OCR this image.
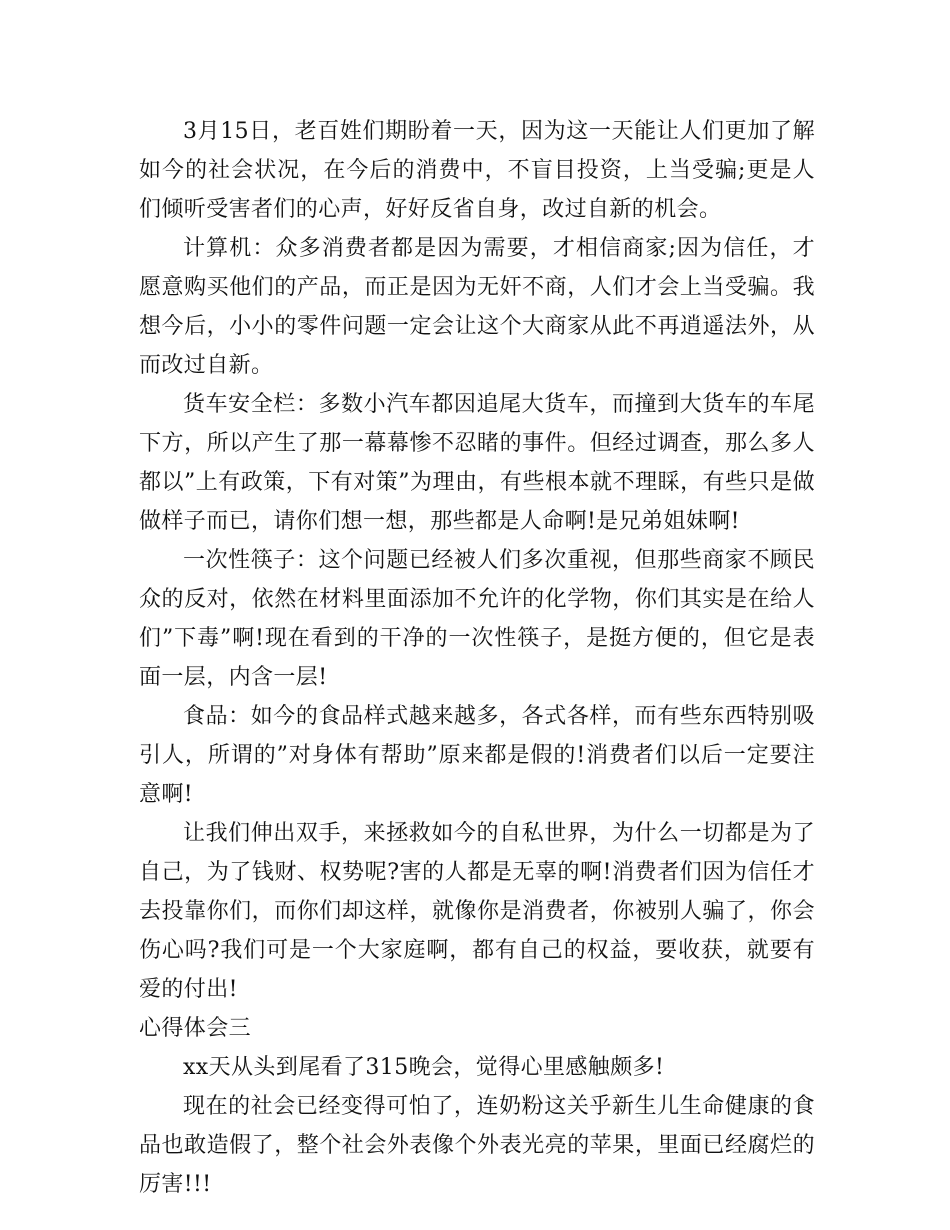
3月15日，老百姓们期盼着一天，因为这一天能让人们更加了解如今的社会状况，在今后的消费中，不盲目投资，上当受骗;更是人们倾听受害者们的心声，好好反省自身，改过自新的机会。

计算机：众多消费者都是因为需要，才相信商家;因为信任，才愿意购买他们的产品，而正是因为无奸不商，人们才会上当受骗。我想今后，小小的零件问题一定会让这个大商家从此不再逍遥法外，从而改过自新。

货车安全栏：多数小汽车都因追尾大货车，而撞到大货车的车尾下方，所以产生了那一幕幕惨不忍睹的事件。但经过调查，那么多人都以”上有政策，下有对策”为理由，有些根本就不理睬，有些只是做做样子而已，请你们想一想，那些都是人命啊!是兄弟姐妹啊!

一次性筷子：这个问题已经被人们多次重视，但那些商家不顾民众的反对，依然在材料里面添加不允许的化学物，你们其实是在给人们”下毒”啊!现在看到的干净的一次性筷子，是挺方便的，但它是表面一层，内含一层!

食品：如今的食品样式越来越多，各式各样，而有些东西特别吸引人，所谓的”对身体有帮助”原来都是假的!消费者们以后一定要注意啊!

让我们伸出双手，来拯救如今的自私世界，为什么一切都是为了自己，为了钱财、权势呢?害的人都是无辜的啊!消费者们因为信任才去投靠你们，而你们却这样，就像你是消费者，你被别人骗了，你会伤心吗?我们可是一个大家庭啊，都有自己的权益，要收获，就要有爱的付出!

心得体会三

xx天从头到尾看了315晚会，觉得心里感触颇多!

现在的社会已经变得可怕了，连奶粉这关乎新生儿生命健康的食品也敢造假了，整个社会外表像个外表光亮的苹果，里面已经腐烂的厉害!!!
